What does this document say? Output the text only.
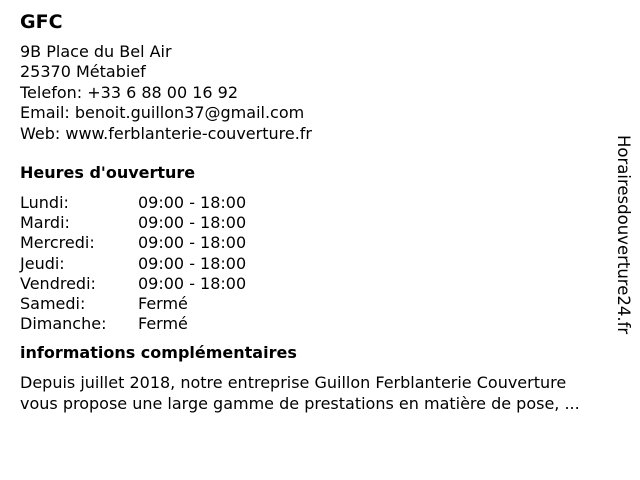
GFC
9B Place du Bel Air
25370 Métabief
Telefon: +33 6 88 00 16 92
Email: benoit.guillon37@gmail.com
Web: www.ferblanterie-couverture.fr
Heures d'ouverture
Lundi:	09:00 - 18:00
Mardi:	09:00 - 18:00
Mercredi:	09:00 - 18:00
Jeudi:	09:00 - 18:00
Vendredi:	09:00 - 18:00
Samedi:	Fermé
Dimanche:	Fermé
informations complémentaires
Depuis juillet 2018, notre entreprise Guillon Ferblanterie Couverture
vous propose une large gamme de prestations en matière de pose, ...
Horairesdouverture24.fr
